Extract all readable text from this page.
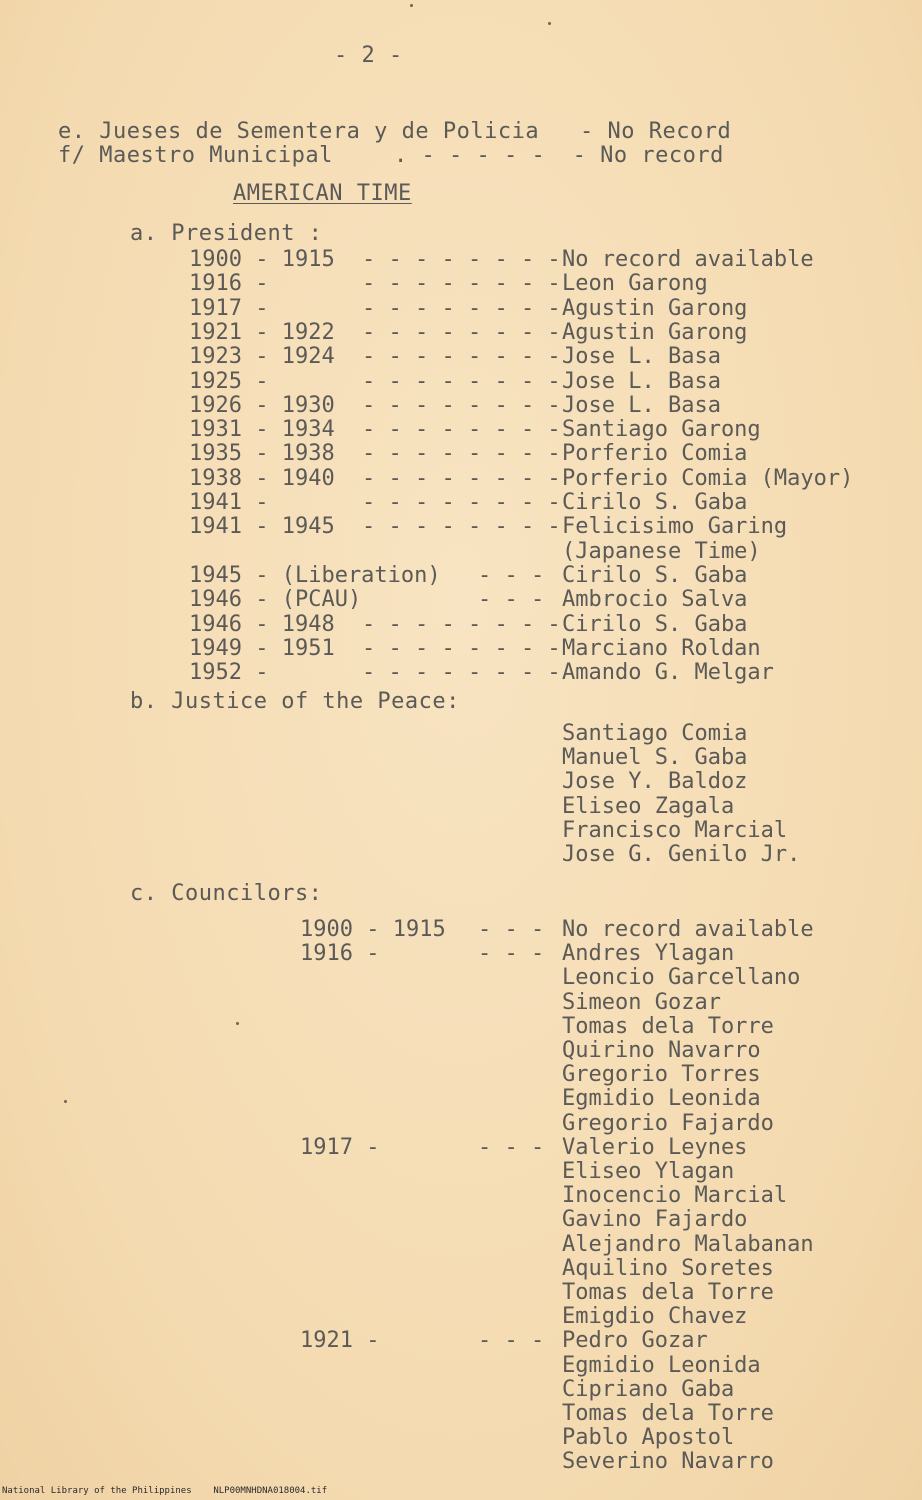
- 2 -
e. Jueses de Sementera y de Policia - No Record
f/ Maestro Municipal	. - - - - -  - No record
AMERICAN TIME
a. President :
1900 - 1915 - - - - - - - - No record available
1916 -	- - - - - - - - Leon Garong
1917 -	- - - - - - - - Agustin Garong
1921 - 1922 - - - - - - - - Agustin Garong
1923 - 1924 - - - - - - - - Jose L. Basa
1925 -	- - - - - - - - Jose L. Basa
1926 - 1930 - - - - - - - - Jose L. Basa
1931 - 1934 - - - - - - - - Santiago Garong
1935 - 1938 - - - - - - - - Porferio Comia
1938 - 1940 - - - - - - - - Porferio Comia (Mayor)
1941 -	- - - - - - - - Cirilo S. Gaba
1941 - 1945 - - - - - - - - Felicisimo Garing
(Japanese Time)
1945 - (Liberation) - - - Cirilo S. Gaba
1946 - (PCAU)	- - - Ambrocio Salva
1946 - 1948 - - - - - - - - Cirilo S. Gaba
1949 - 1951 - - - - - - - - Marciano Roldan
1952 -	- - - - - - - - Amando G. Melgar
b. Justice of the Peace:
Santiago Comia
Manuel S. Gaba
Jose Y. Baldoz
Eliseo Zagala
Francisco Marcial
Jose G. Genilo Jr.
c. Councilors:
1900 - 1915 - - - No record available
1916 -	- - - Andres Ylagan
Leoncio Garcellano
Simeon Gozar
Tomas dela Torre
Quirino Navarro
Gregorio Torres
Egmidio Leonida
Gregorio Fajardo
1917 -	- - - Valerio Leynes
Eliseo Ylagan
Inocencio Marcial
Gavino Fajardo
Alejandro Malabanan
Aquilino Soretes
Tomas dela Torre
Emigdio Chavez
1921 -	- - - Pedro Gozar
Egmidio Leonida
Cipriano Gaba
Tomas dela Torre
Pablo Apostol
Severino Navarro
National Library of the Philippines NLP00MNHDNA018004.tif
